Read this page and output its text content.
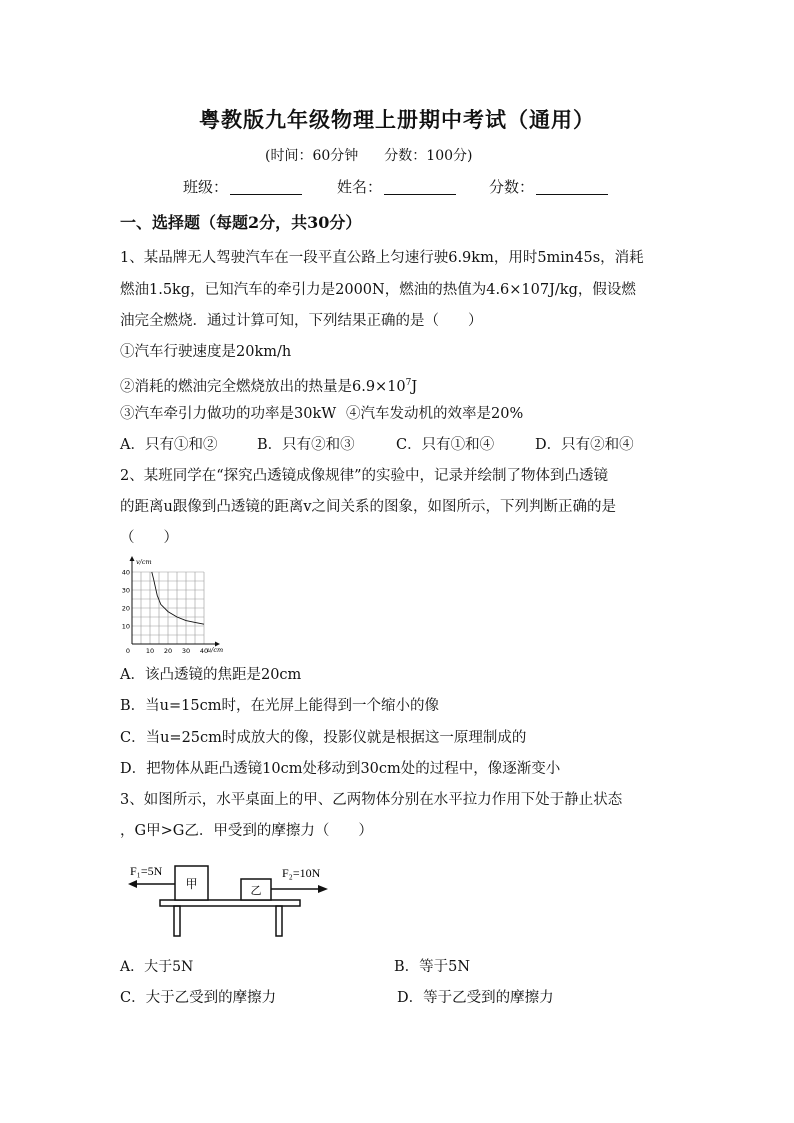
粤教版九年级物理上册期中考试（通用）
(时间：60分钟 分数：100分)
班级：	姓名：	分数：
一、选择题（每题2分，共30分）
1、某品牌无人驾驶汽车在一段平直公路上匀速行驶6.9km，用时5min45s，消耗
燃油1.5kg，已知汽车的牵引力是2000N，燃油的热值为4.6×107J/kg，假设燃
油完全燃烧．通过计算可知，下列结果正确的是（　　）
①汽车行驶速度是20km/h
②消耗的燃油完全燃烧放出的热量是$6.9\times 10^7J$
③汽车牵引力做功的功率是30kW ④汽车发动机的效率是20%
A．只有①和②	B．只有②和③	C．只有①和④	D．只有②和④
2、某班同学在“探究凸透镜成像规律”的实验中，记录并绘制了物体到凸透镜
的距离u跟像到凸透镜的距离v之间关系的图象，如图所示，下列判断正确的是
（　　）
10 20 30 40
10
20
30
40
0	u/cm
v/cm
A．该凸透镜的焦距是20cm
B．当u=15cm时，在光屏上能得到一个缩小的像
C．当u=25cm时成放大的像，投影仪就是根据这一原理制成的
D．把物体从距凸透镜10cm处移动到30cm处的过程中，像逐渐变小
3、如图所示，水平桌面上的甲、乙两物体分别在水平拉力作用下处于静止状态
，G甲>G乙．甲受到的摩擦力（　　）
甲	乙
F₁=5N	F₂=10N
A．大于5N	B．等于5N
C．大于乙受到的摩擦力	D．等于乙受到的摩擦力
